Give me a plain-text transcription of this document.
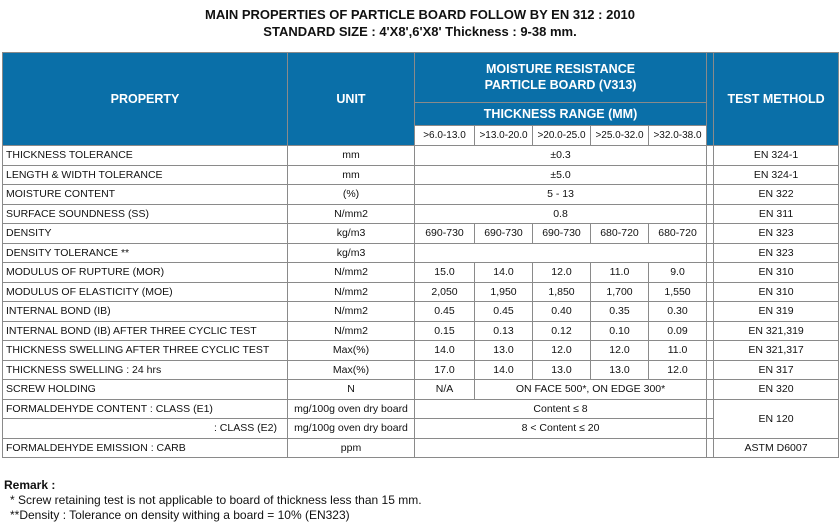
MAIN PROPERTIES OF PARTICLE BOARD FOLLOW BY EN 312 : 2010
STANDARD SIZE : 4'X8',6'X8' Thickness : 9-38 mm.
PROPERTY	UNIT	MOISTURE RESISTANCE
PARTICLE BOARD (V313)						TEST METHOLD
		THICKNESS RANGE (MM)						
		>6.0-13.0	>13.0-20.0	>20.0-25.0	>25.0-32.0	>32.0-38.0		
THICKNESS TOLERANCE	mm	±0.3						EN 324-1
LENGTH & WIDTH TOLERANCE	mm	±5.0						EN 324-1
MOISTURE CONTENT	(%)	5 - 13						EN 322
SURFACE SOUNDNESS (SS)	N/mm2	0.8						EN 311
DENSITY	kg/m3	690-730	690-730	690-730	680-720	680-720		EN 323
DENSITY TOLERANCE **	kg/m3							EN 323
MODULUS OF RUPTURE (MOR)	N/mm2	15.0	14.0	12.0	11.0	9.0		EN 310
MODULUS OF ELASTICITY (MOE)	N/mm2	2,050	1,950	1,850	1,700	1,550		EN 310
INTERNAL BOND (IB)	N/mm2	0.45	0.45	0.40	0.35	0.30		EN 319
INTERNAL BOND (IB) AFTER THREE CYCLIC TEST	N/mm2	0.15	0.13	0.12	0.10	0.09		EN 321,319
THICKNESS SWELLING AFTER THREE CYCLIC TEST	Max(%)	14.0	13.0	12.0	12.0	11.0		EN 321,317
THICKNESS SWELLING : 24 hrs	Max(%)	17.0	14.0	13.0	13.0	12.0		EN 317
SCREW HOLDING	N	N/A	ON FACE 500*, ON EDGE 300*					EN 320
FORMALDEHYDE CONTENT : CLASS (E1)	mg/100g oven dry board	Content ≤ 8						EN 120
: CLASS (E2)	mg/100g oven dry board	8 < Content ≤ 20						
FORMALDEHYDE EMISSION : CARB	ppm							ASTM D6007
Remark :
* Screw retaining test is not applicable to board of thickness less than 15 mm.
**Density : Tolerance on density withing a board = 10% (EN323)
